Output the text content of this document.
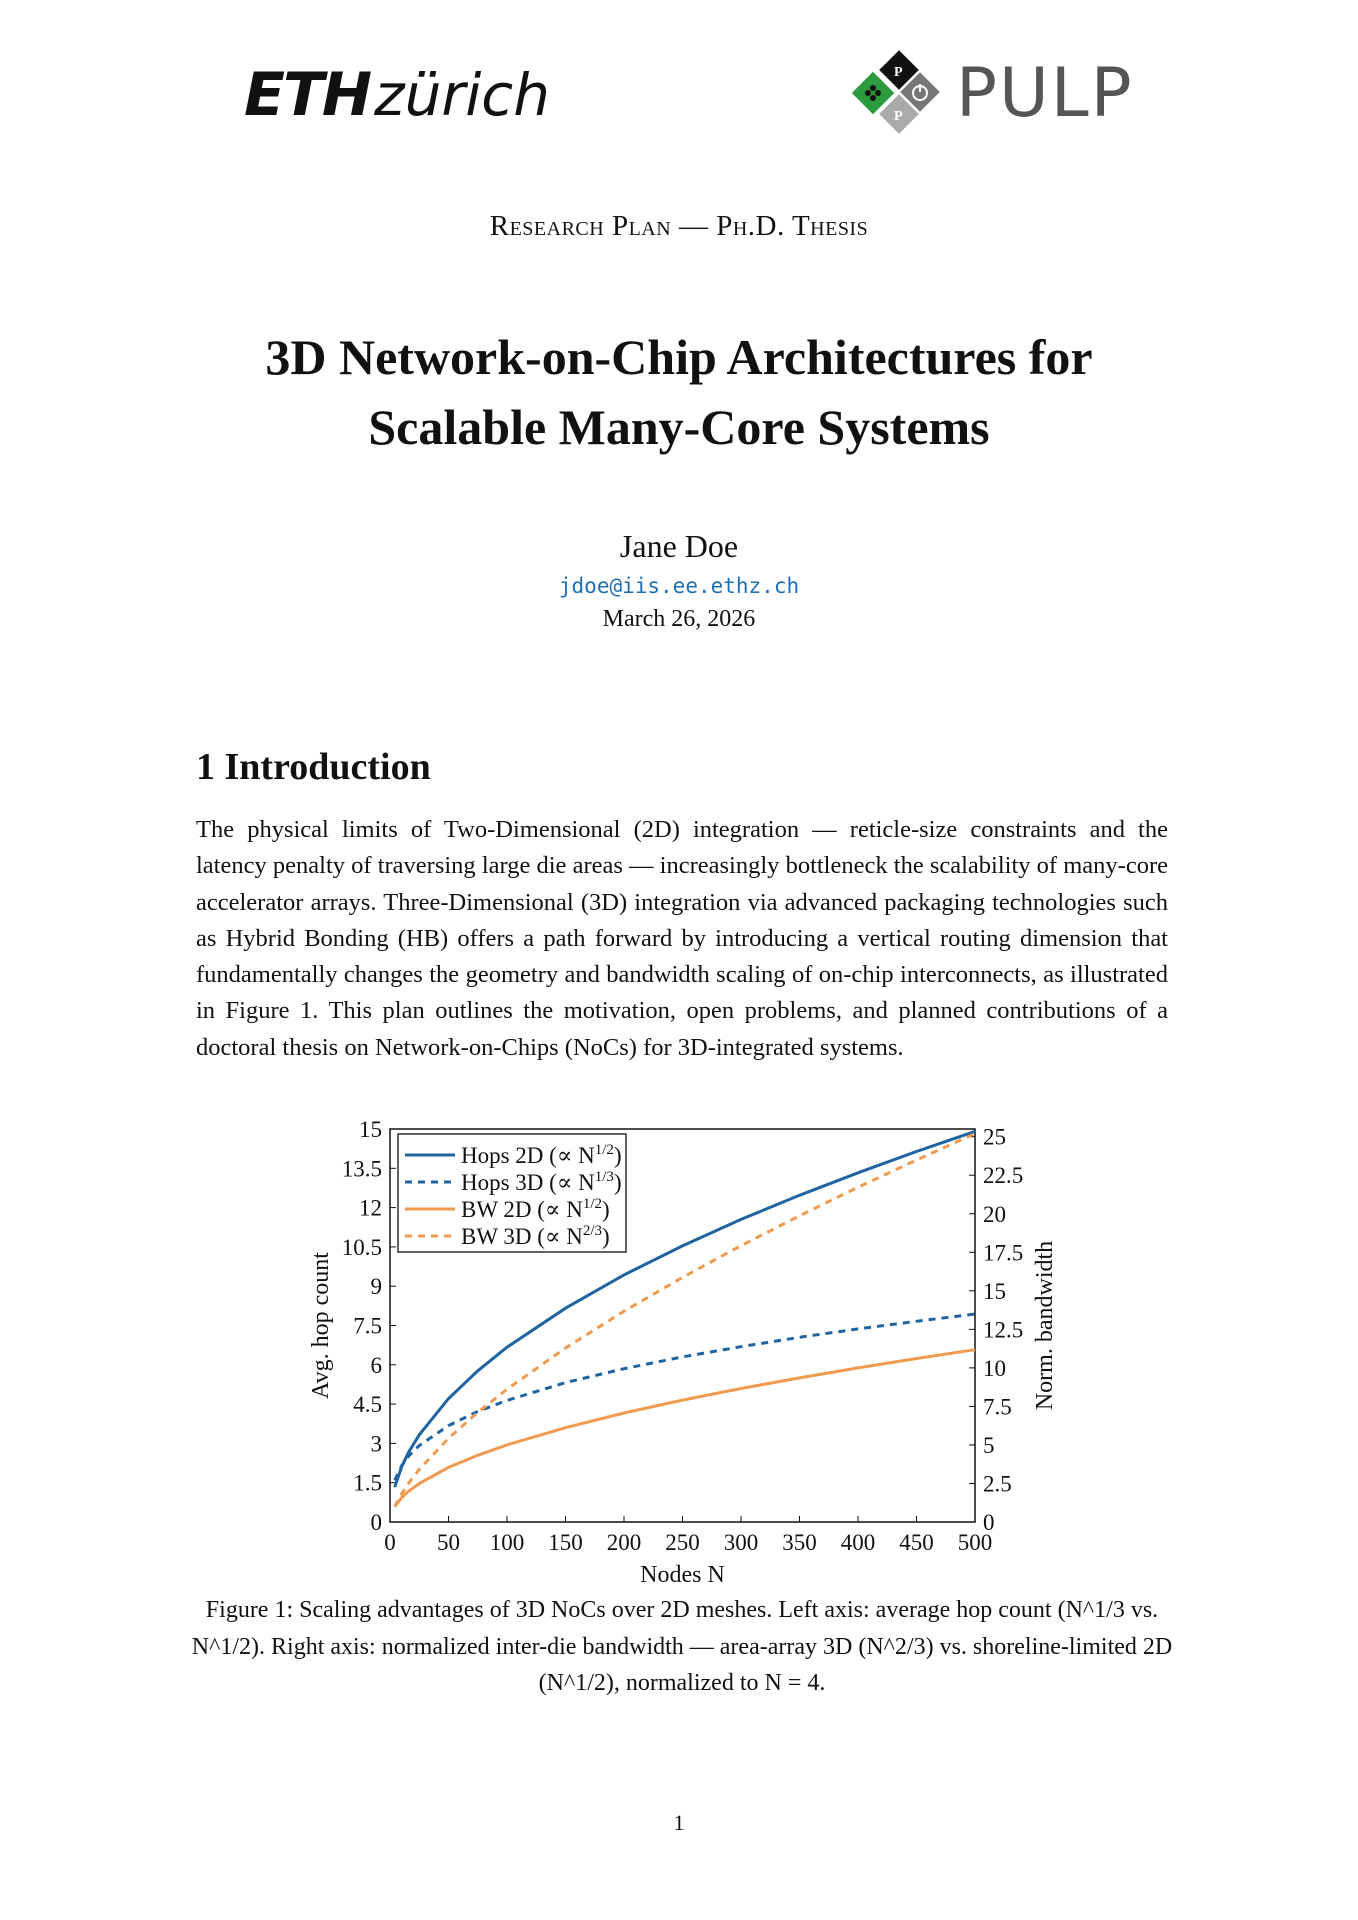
ETH zürich	P
P PULP
Research Plan — Ph.D. Thesis
3D Network-on-Chip Architectures for
Scalable Many-Core Systems
Jane Doe
jdoe@iis.ee.ethz.ch
March 26, 2026
1 Introduction
The physical limits of Two-Dimensional (2D) integration — reticle-size constraints and the latency penalty of traversing large die areas — increasingly bottleneck the scalability of many-core accelerator arrays. Three-Dimensional (3D) integration via advanced packaging technologies such as Hybrid Bonding (HB) offers a path forward by introducing a vertical routing dimension that fundamentally changes the geometry and bandwidth scaling of on-chip interconnects, as illustrated in Figure 1. This plan outlines the motivation, open problems, and planned contributions of a doctoral thesis on Network-on-Chips (NoCs) for 3D-integrated systems.
0 50 100 150 200 250 300 350 400 450 500
0
1.5
3
4.5
6
7.5
9
10.5
12
13.5
15
0
2.5
5
7.5
10
12.5
15
17.5
20
22.5
25
Nodes N
Avg. hop count	Norm. bandwidth
Hops 2D (∝ $N^{1/2}$)
Hops 3D (∝ $N^{1/3}$)
BW 2D (∝ $N^{1/2}$)
BW 3D (∝ $N^{2/3}$)
Figure 1: Scaling advantages of 3D NoCs over 2D meshes. Left axis: average hop count (N^1/3 vs. N^1/2). Right axis: normalized inter-die bandwidth — area-array 3D (N^2/3) vs. shoreline-limited 2D (N^1/2), normalized to N = 4.
1
